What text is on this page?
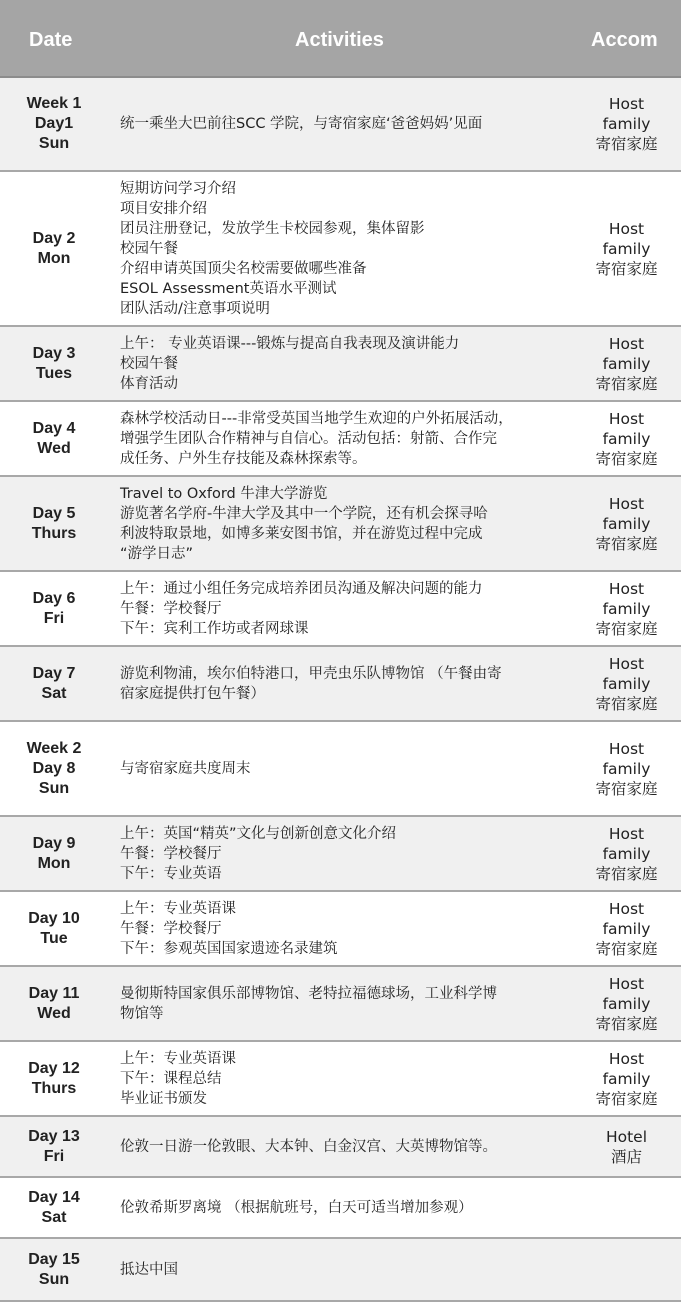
Date	Activities	Accom
Week 1
Day1
Sun
统一乘坐大巴前往SCC 学院，与寄宿家庭‘爸爸妈妈’见面
Host
family
寄宿家庭
Day 2
Mon
短期访问学习介绍
项目安排介绍
团员注册登记，发放学生卡校园参观，集体留影
校园午餐
介绍申请英国顶尖名校需要做哪些准备
ESOL Assessment英语水平测试
团队活动/注意事项说明
Host
family
寄宿家庭
Day 3
Tues
上午： 专业英语课---锻炼与提高自我表现及演讲能力
校园午餐
体育活动
Host
family
寄宿家庭
Day 4
Wed
森林学校活动日---非常受英国当地学生欢迎的户外拓展活动，
增强学生团队合作精神与自信心。活动包括：射箭、合作完
成任务、户外生存技能及森林探索等。
Host
family
寄宿家庭
Day 5
Thurs
Travel to Oxford 牛津大学游览
游览著名学府-牛津大学及其中一个学院，还有机会探寻哈
利波特取景地，如博多莱安图书馆，并在游览过程中完成
“游学日志”
Host
family
寄宿家庭
Day 6
Fri
上午：通过小组任务完成培养团员沟通及解决问题的能力
午餐：学校餐厅
下午：宾利工作坊或者网球课
Host
family
寄宿家庭
Day 7
Sat
游览利物浦，埃尔伯特港口，甲壳虫乐队博物馆 （午餐由寄
宿家庭提供打包午餐）
Host
family
寄宿家庭
Week 2
Day 8
Sun
与寄宿家庭共度周末
Host
family
寄宿家庭
Day 9
Mon
上午：英国“精英”文化与创新创意文化介绍
午餐：学校餐厅
下午：专业英语
Host
family
寄宿家庭
Day 10
Tue
上午：专业英语课
午餐：学校餐厅
下午：参观英国国家遗迹名录建筑
Host
family
寄宿家庭
Day 11
Wed
曼彻斯特国家俱乐部博物馆、老特拉福德球场，工业科学博
物馆等
Host
family
寄宿家庭
Day 12
Thurs
上午：专业英语课
下午：课程总结
毕业证书颁发
Host
family
寄宿家庭
Day 13
Fri
伦敦一日游一伦敦眼、大本钟、白金汉宫、大英博物馆等。
Hotel
酒店
Day 14
Sat
伦敦希斯罗离境 （根据航班号，白天可适当增加参观）
Day 15
Sun
抵达中国
